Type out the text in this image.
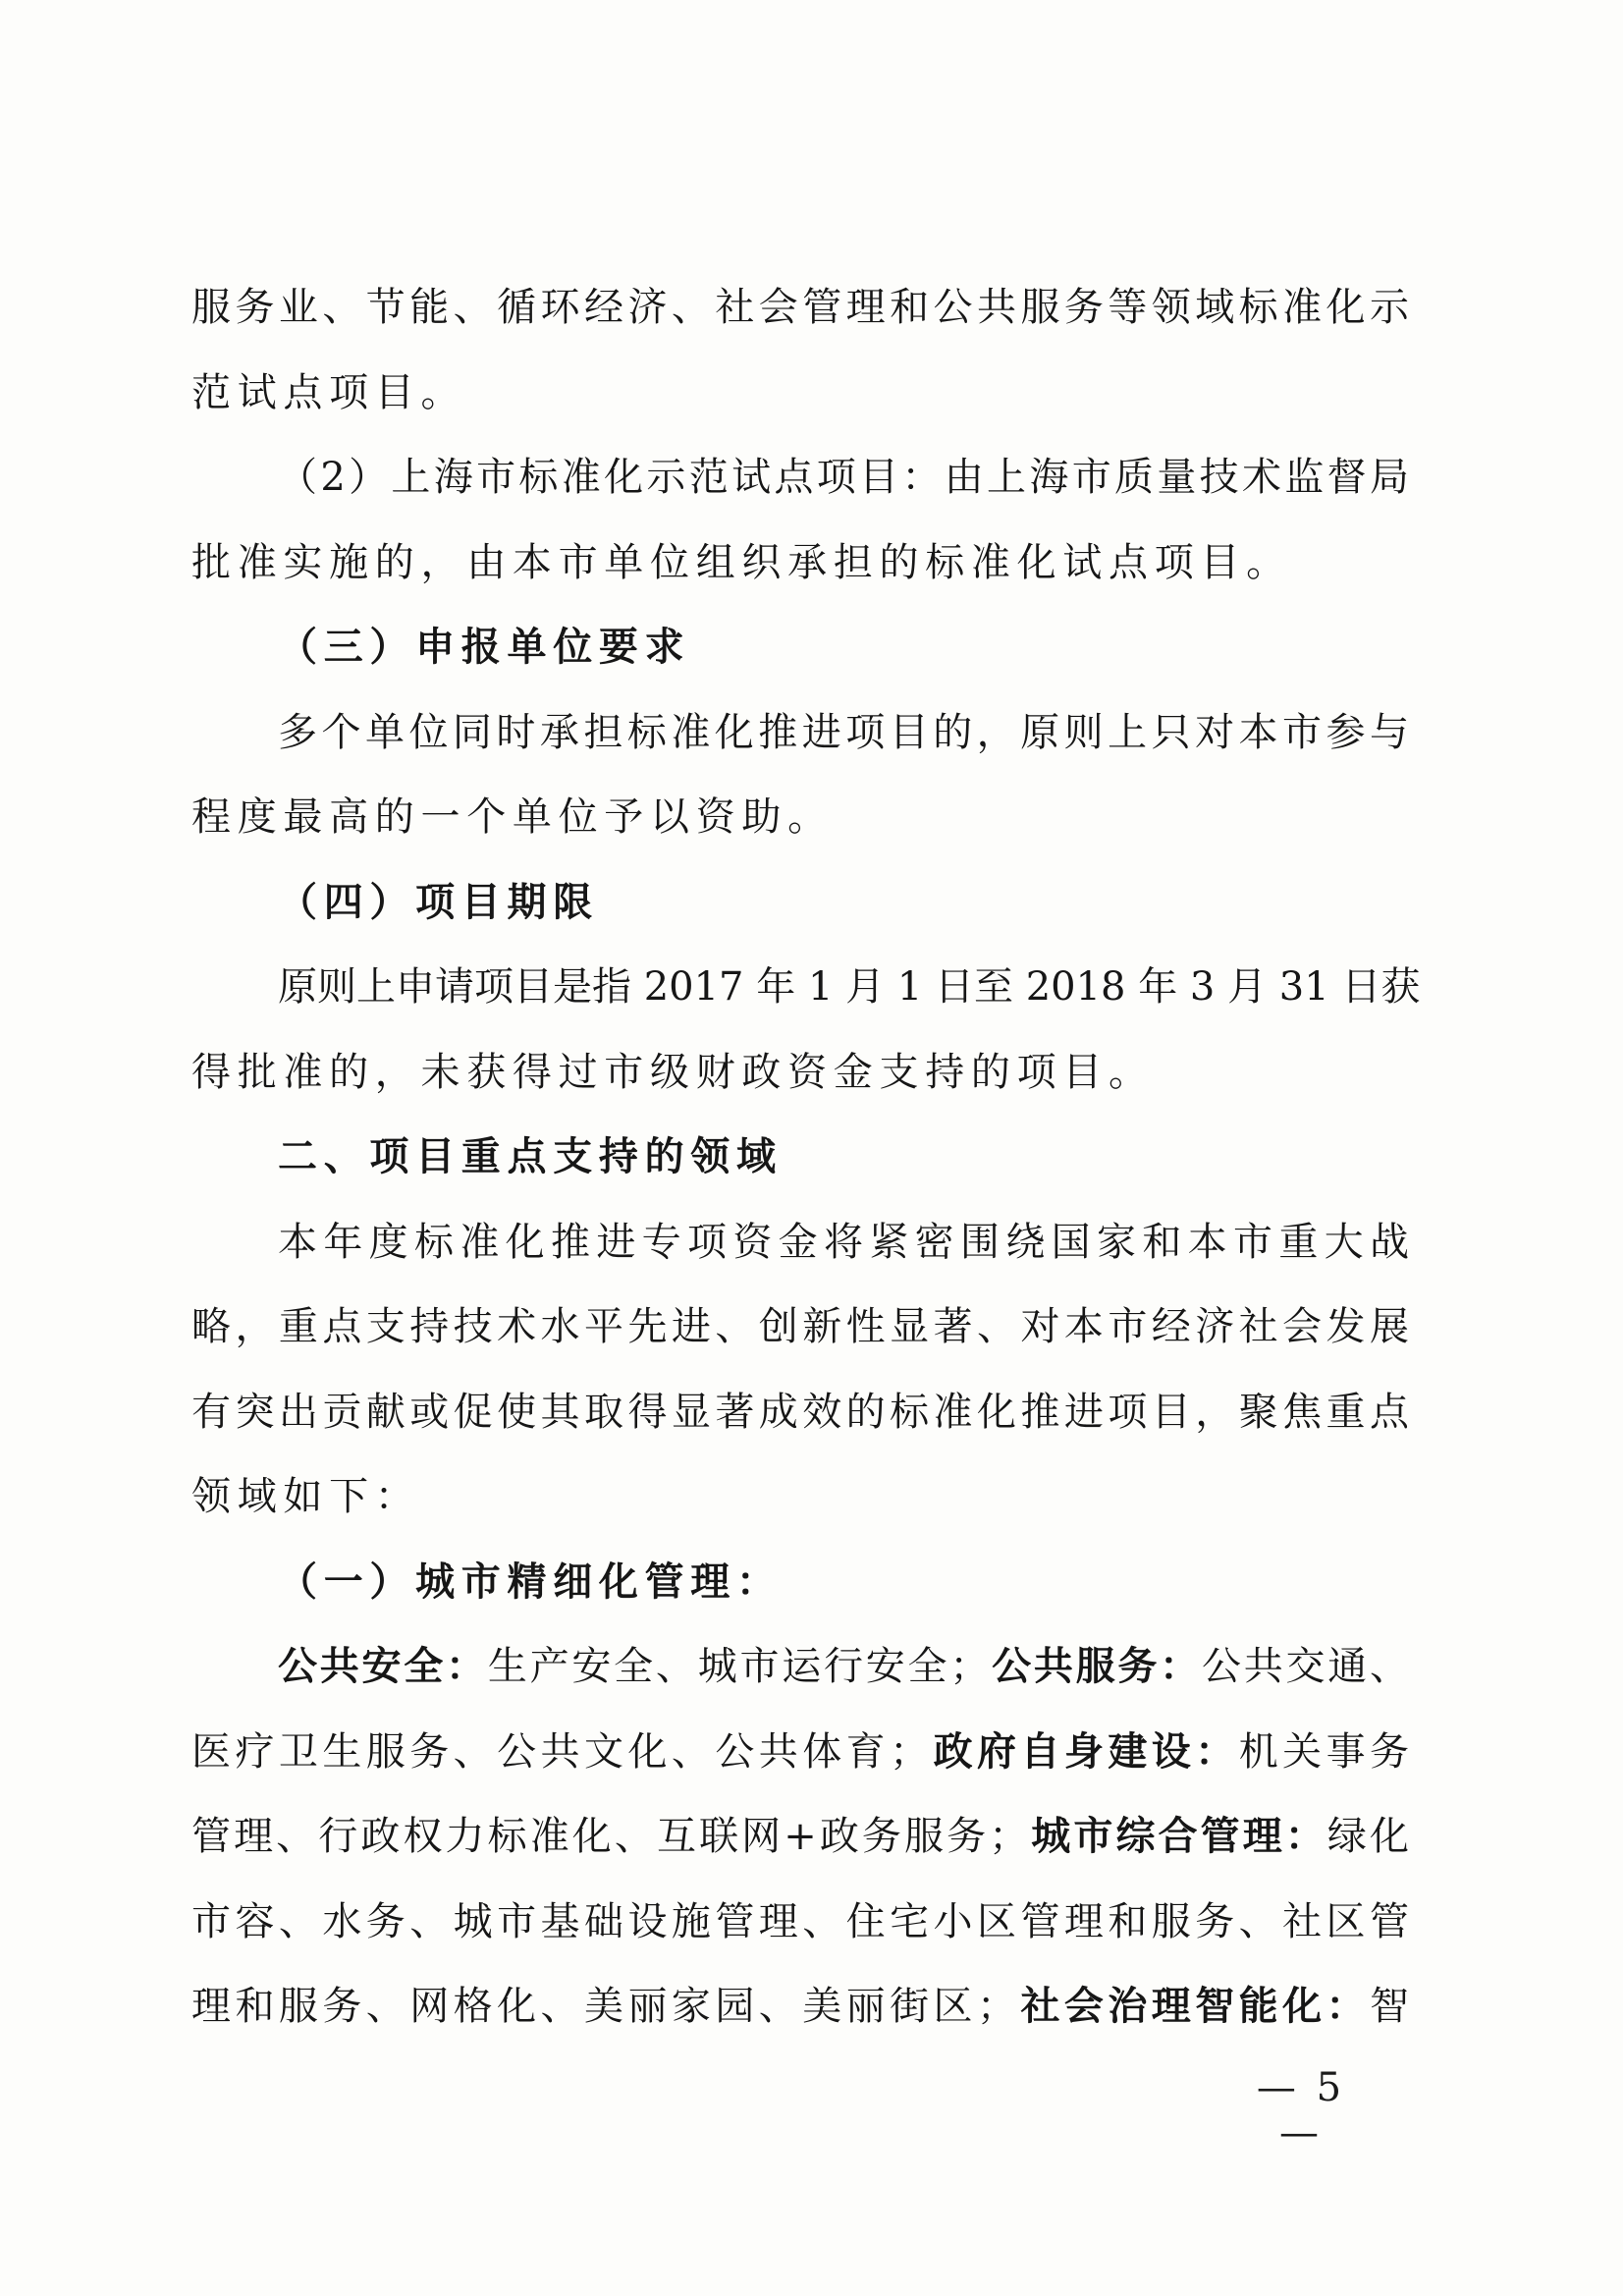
服务业、节能、循环经济、社会管理和公共服务等领域标准化示
范试点项目。
（2）上海市标准化示范试点项目：由上海市质量技术监督局
批准实施的，由本市单位组织承担的标准化试点项目。
（三）申报单位要求
多个单位同时承担标准化推进项目的，原则上只对本市参与
程度最高的一个单位予以资助。
（四）项目期限
原则上申请项目是指 2017 年 1 月 1 日至 2018 年 3 月 31 日获
得批准的，未获得过市级财政资金支持的项目。
二、项目重点支持的领域
本年度标准化推进专项资金将紧密围绕国家和本市重大战
略，重点支持技术水平先进、创新性显著、对本市经济社会发展
有突出贡献或促使其取得显著成效的标准化推进项目，聚焦重点
领域如下：
（一）城市精细化管理：
公共安全：生产安全、城市运行安全；公共服务：公共交通、
医疗卫生服务、公共文化、公共体育；政府自身建设：机关事务
管理、行政权力标准化、互联网+政务服务；城市综合管理：绿化
市容、水务、城市基础设施管理、住宅小区管理和服务、社区管
理和服务、网格化、美丽家园、美丽街区；社会治理智能化：智
— 5 —
